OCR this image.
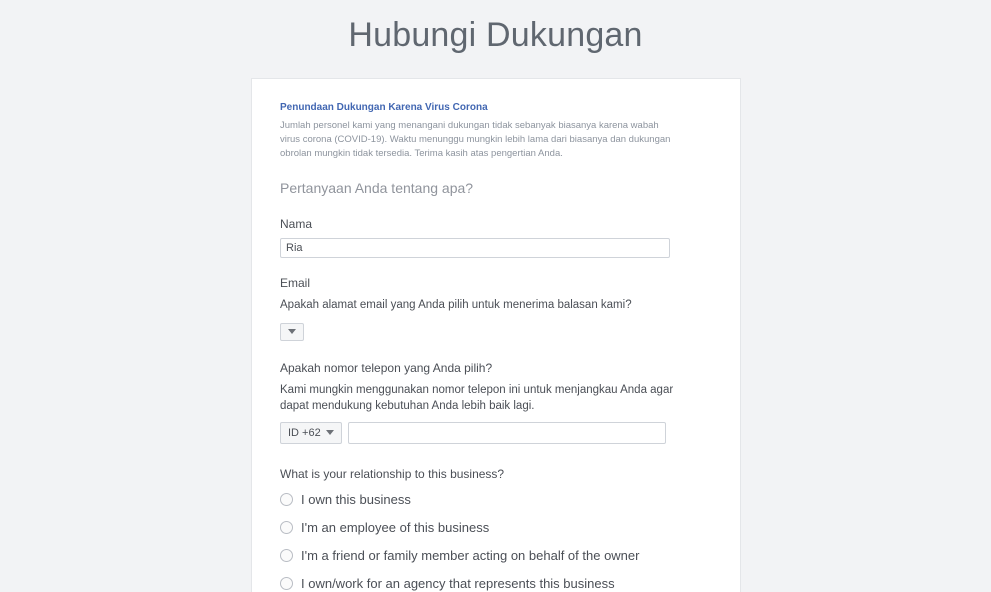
Hubungi Dukungan
Penundaan Dukungan Karena Virus Corona
Jumlah personel kami yang menangani dukungan tidak sebanyak biasanya karena wabah virus corona (COVID-19). Waktu menunggu mungkin lebih lama dari biasanya dan dukungan obrolan mungkin tidak tersedia. Terima kasih atas pengertian Anda.
Pertanyaan Anda tentang apa?
Nama
Ria
Email
Apakah alamat email yang Anda pilih untuk menerima balasan kami?
Apakah nomor telepon yang Anda pilih?
Kami mungkin menggunakan nomor telepon ini untuk menjangkau Anda agar dapat mendukung kebutuhan Anda lebih baik lagi.
ID +62
What is your relationship to this business?
I own this business
I'm an employee of this business
I'm a friend or family member acting on behalf of the owner
I own/work for an agency that represents this business
